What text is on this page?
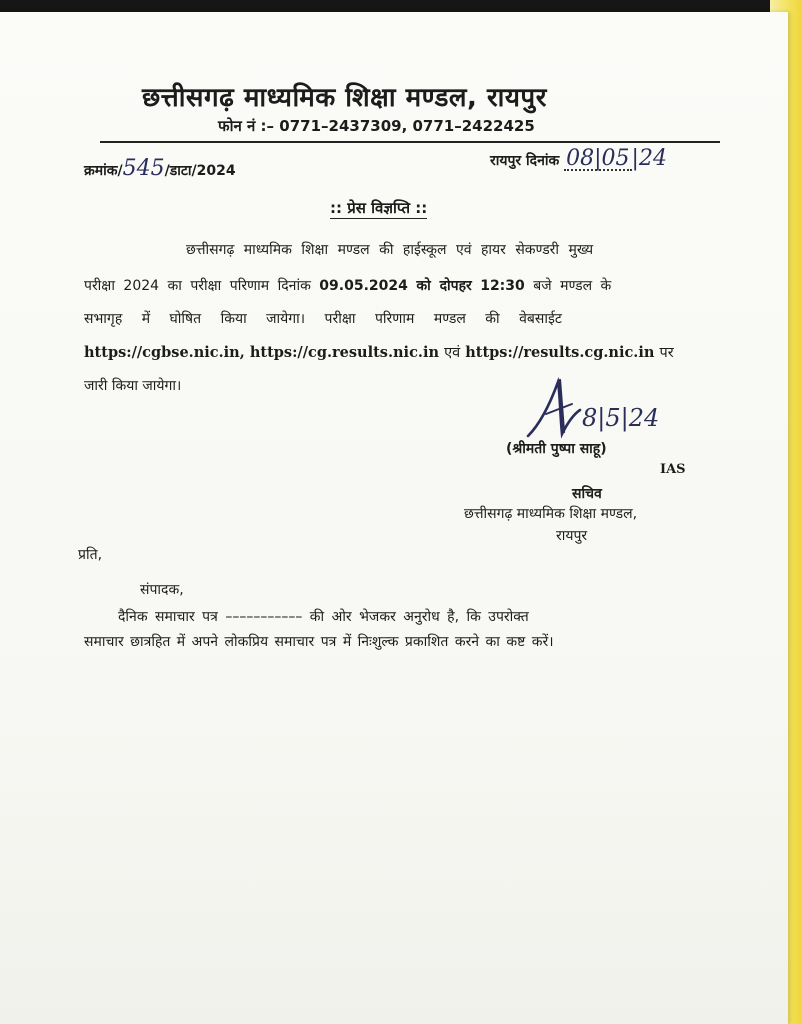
छत्तीसगढ़ माध्यमिक शिक्षा मण्डल, रायपुर
फोन नं :– 0771–2437309, 0771–2422425
क्रमांक/545/डाटा/2024
रायपुर दिनांक 08|05|24
:: प्रेस विज्ञप्ति ::
छत्तीसगढ़ माध्यमिक शिक्षा मण्डल की हाईस्कूल एवं हायर सेकण्डरी मुख्य
परीक्षा 2024 का परीक्षा परिणाम दिनांक 09.05.2024 को दोपहर 12:30 बजे मण्डल के
सभागृह में घोषित किया जायेगा। परीक्षा परिणाम मण्डल की वेबसाईट
https://cgbse.nic.in, https://cg.results.nic.in एवं https://results.cg.nic.in पर
जारी किया जायेगा।
8|5|24
(श्रीमती पुष्पा साहू)
IAS
सचिव
छत्तीसगढ़ माध्यमिक शिक्षा मण्डल,
रायपुर
प्रति,
संपादक,
दैनिक समाचार पत्र ––––––––––– की ओर भेजकर अनुरोध है, कि उपरोक्त
समाचार छात्रहित में अपने लोकप्रिय समाचार पत्र में निःशुल्क प्रकाशित करने का कष्ट करें।
